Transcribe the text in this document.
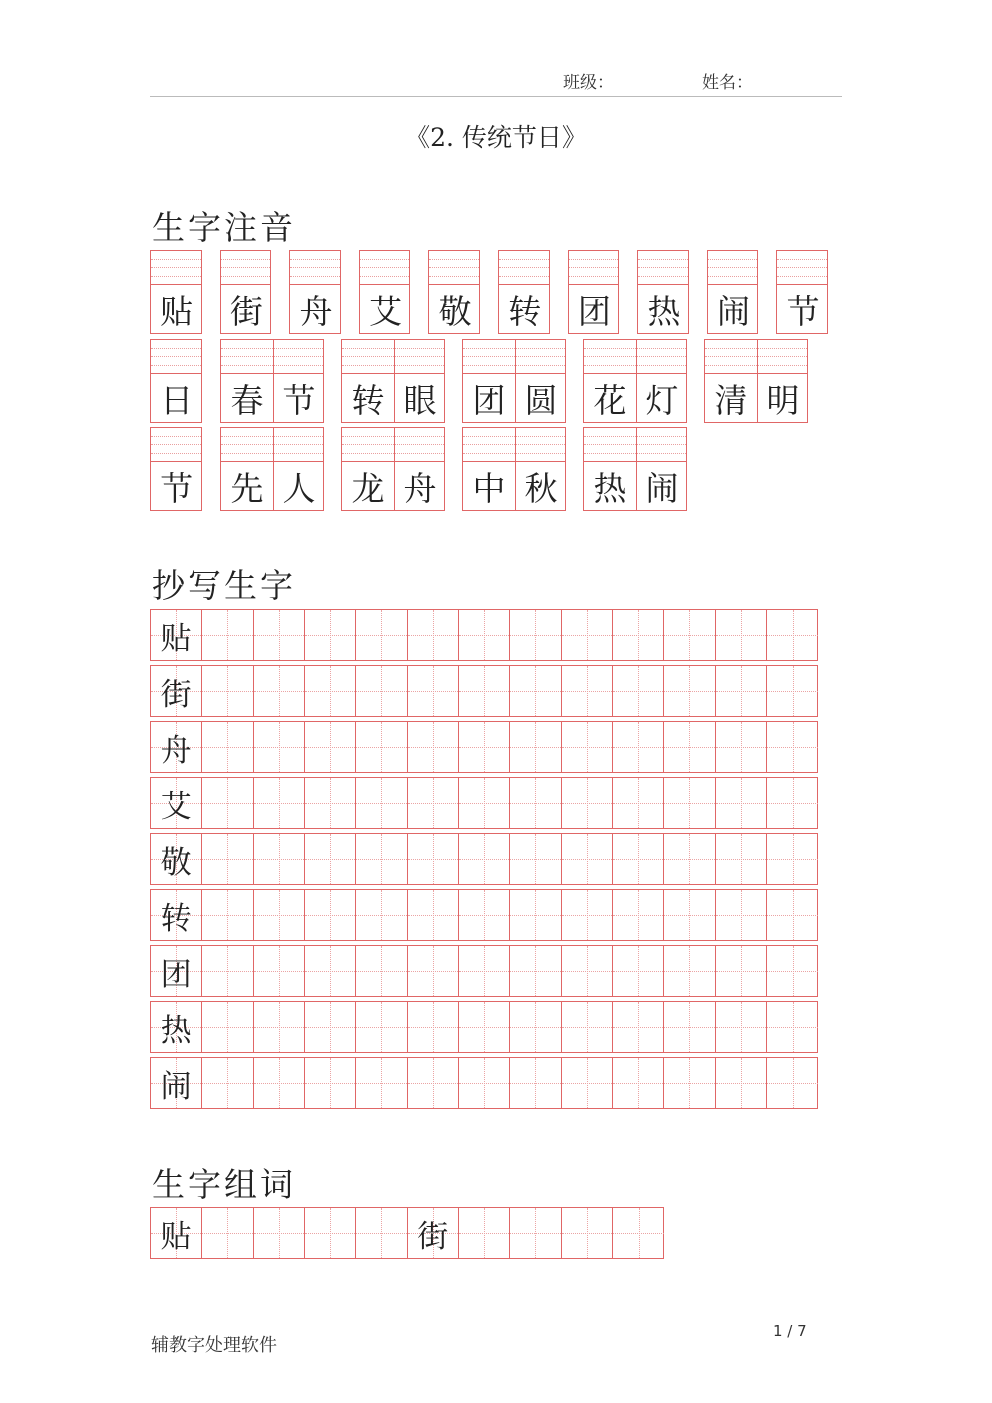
班级：	姓名：
《2. 传统节日》
生字注音
贴 街 舟 艾 敬 转 团 热 闹 节
日 春 节 转 眼 团 圆 花 灯 清 明
节 先 人 龙 舟 中 秋 热 闹
抄写生字
贴
街
舟
艾
敬
转
团
热
闹
生字组词
贴	街
辅教字处理软件
1 / 7
